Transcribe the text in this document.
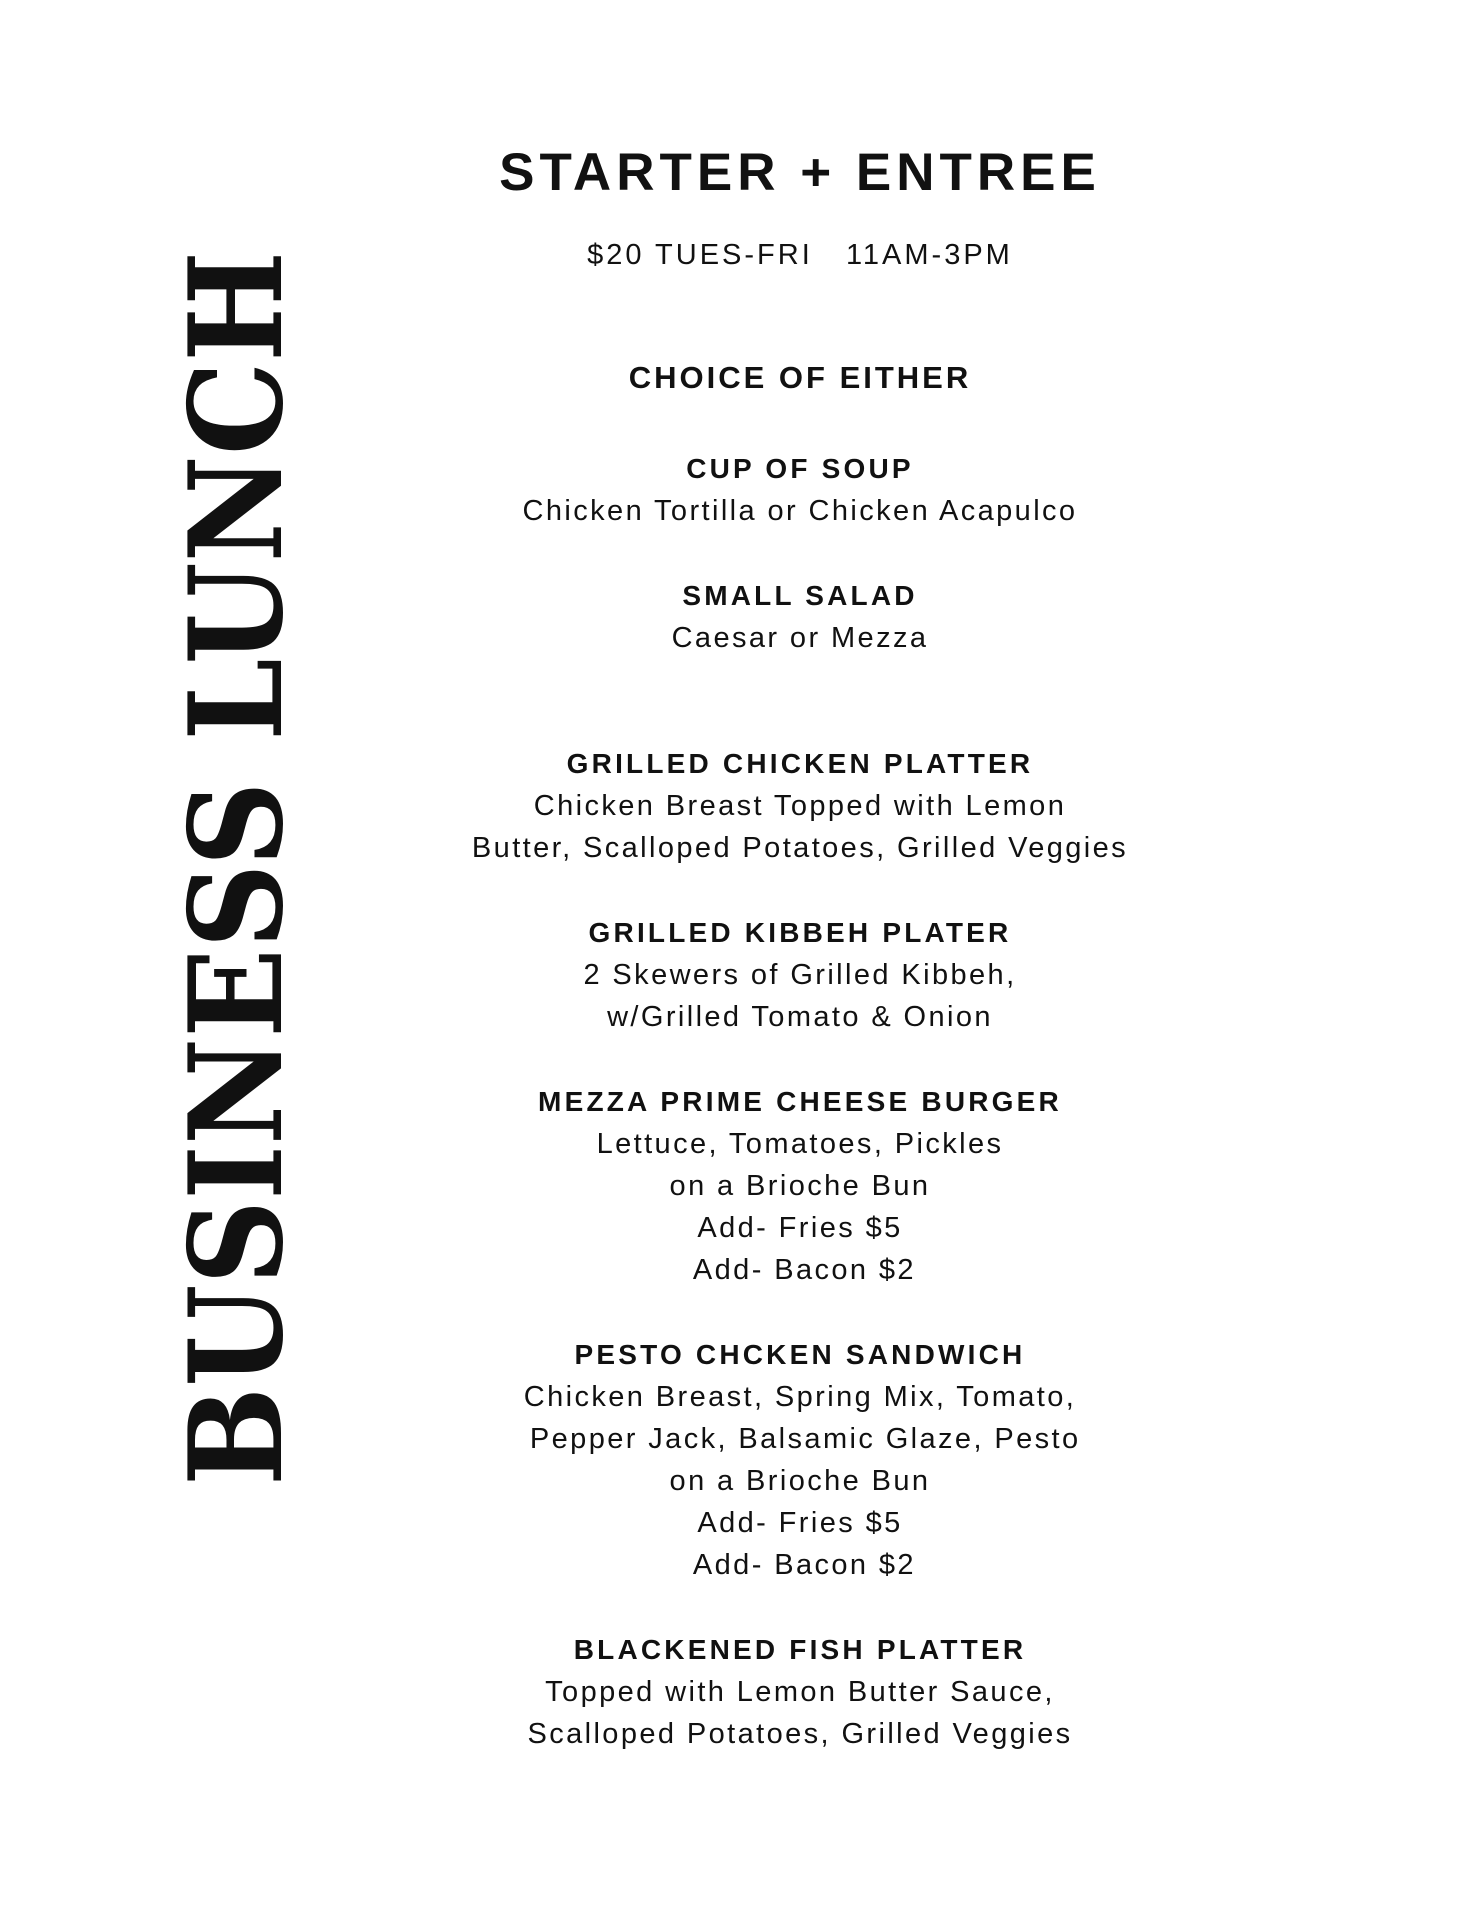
BUSINESS LUNCH	STARTER + ENTREE
$20 TUES-FRI   11AM-3PM
CHOICE OF EITHER
CUP OF SOUP
Chicken Tortilla or Chicken Acapulco
SMALL SALAD
Caesar or Mezza
GRILLED CHICKEN PLATTER
Chicken Breast Topped with Lemon
Butter, Scalloped Potatoes, Grilled Veggies
GRILLED KIBBEH PLATER
2 Skewers of Grilled Kibbeh,
w/Grilled Tomato & Onion
MEZZA PRIME CHEESE BURGER
Lettuce, Tomatoes, Pickles
on a Brioche Bun
Add- Fries $5
Add- Bacon $2
PESTO CHCKEN SANDWICH
Chicken Breast, Spring Mix, Tomato,
Pepper Jack, Balsamic Glaze, Pesto
on a Brioche Bun
Add- Fries $5
Add- Bacon $2
BLACKENED FISH PLATTER
Topped with Lemon Butter Sauce,
Scalloped Potatoes, Grilled Veggies
